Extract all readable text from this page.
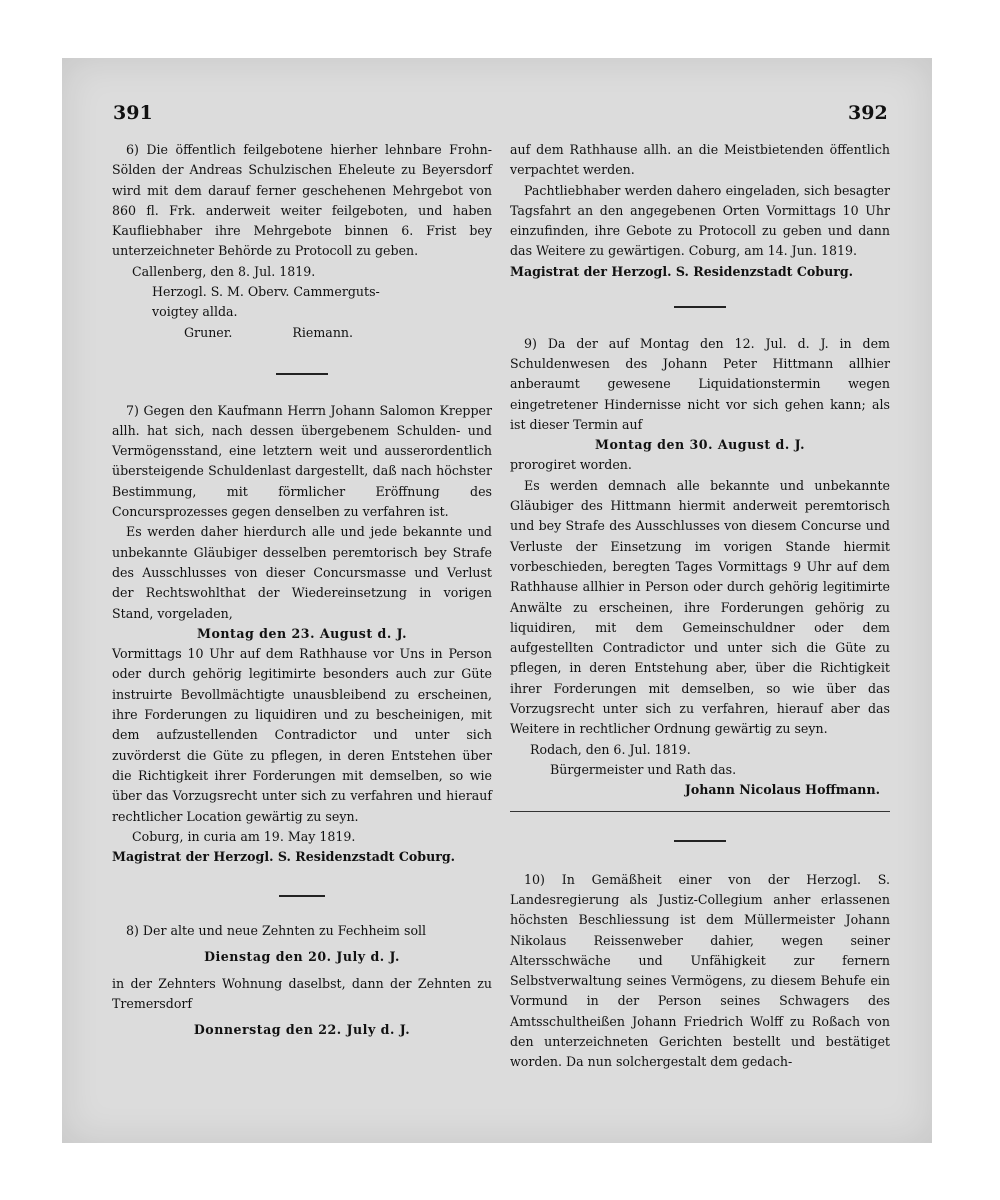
391	392

6) Die öffentlich feilgebotene hierher lehnbare Frohn-Sölden der Andreas Schulzischen Eheleute zu Beyersdorf wird mit dem darauf ferner geschehenen Mehrgebot von 860 fl. Frk. anderweit weiter feilgeboten, und haben Kaufliebhaber ihre Mehrgebote binnen 6. Frist bey unterzeichneter Behörde zu Protocoll zu geben.

Callenberg, den 8. Jul. 1819.

Herzogl. S. M. Oberv. Cammerguts-

voigtey allda.

Gruner.	Riemann.

7) Gegen den Kaufmann Herrn Johann Salomon Krepper allh. hat sich, nach dessen übergebenem Schulden- und Vermögensstand, eine letztern weit und ausserordentlich übersteigende Schuldenlast dargestellt, daß nach höchster Bestimmung, mit förmlicher Eröffnung des Concursprozesses gegen denselben zu verfahren ist.

Es werden daher hierdurch alle und jede bekannte und unbekannte Gläubiger desselben peremtorisch bey Strafe des Ausschlusses von dieser Concursmasse und Verlust der Rechtswohlthat der Wiedereinsetzung in vorigen Stand, vorgeladen,

Montag den 23. August d. J.

Vormittags 10 Uhr auf dem Rathhause vor Uns in Person oder durch gehörig legitimirte besonders auch zur Güte instruirte Bevollmächtigte unausbleibend zu erscheinen, ihre Forderungen zu liquidiren und zu bescheinigen, mit dem aufzustellenden Contradictor und unter sich zuvörderst die Güte zu pflegen, in deren Entstehen über die Richtigkeit ihrer Forderungen mit demselben, so wie über das Vorzugsrecht unter sich zu verfahren und hierauf rechtlicher Location gewärtig zu seyn.

Coburg, in curia am 19. May 1819.

Magistrat der Herzogl. S. Residenzstadt Coburg.

8) Der alte und neue Zehnten zu Fechheim soll

Dienstag den 20. July d. J.

in der Zehnters Wohnung daselbst, dann der Zehnten zu Tremersdorf

Donnerstag den 22. July d. J.

auf dem Rathhause allh. an die Meistbietenden öffentlich verpachtet werden.

Pachtliebhaber werden dahero eingeladen, sich besagter Tagsfahrt an den angegebenen Orten Vormittags 10 Uhr einzufinden, ihre Gebote zu Protocoll zu geben und dann das Weitere zu gewärtigen. Coburg, am 14. Jun. 1819.

Magistrat der Herzogl. S. Residenzstadt Coburg.

9) Da der auf Montag den 12. Jul. d. J. in dem Schuldenwesen des Johann Peter Hittmann allhier anberaumt gewesene Liquidationstermin wegen eingetretener Hindernisse nicht vor sich gehen kann; als ist dieser Termin auf

Montag den 30. August d. J.

prorogiret worden.

Es werden demnach alle bekannte und unbekannte Gläubiger des Hittmann hiermit anderweit peremtorisch und bey Strafe des Ausschlusses von diesem Concurse und Verluste der Einsetzung im vorigen Stande hiermit vorbeschieden, beregten Tages Vormittags 9 Uhr auf dem Rathhause allhier in Person oder durch gehörig legitimirte Anwälte zu erscheinen, ihre Forderungen gehörig zu liquidiren, mit dem Gemeinschuldner oder dem aufgestellten Contradictor und unter sich die Güte zu pflegen, in deren Entstehung aber, über die Richtigkeit ihrer Forderungen mit demselben, so wie über das Vorzugsrecht unter sich zu verfahren, hierauf aber das Weitere in rechtlicher Ordnung gewärtig zu seyn.

Rodach, den 6. Jul. 1819.

Bürgermeister und Rath das.

Johann Nicolaus Hoffmann.

10) In Gemäßheit einer von der Herzogl. S. Landesregierung als Justiz-Collegium anher erlassenen höchsten Beschliessung ist dem Müllermeister Johann Nikolaus Reissenweber dahier, wegen seiner Altersschwäche und Unfähigkeit zur fernern Selbstverwaltung seines Vermögens, zu diesem Behufe ein Vormund in der Person seines Schwagers des Amtsschultheißen Johann Friedrich Wolff zu Roßach von den unterzeichneten Gerichten bestellt und bestätiget worden. Da nun solchergestalt dem gedach-
